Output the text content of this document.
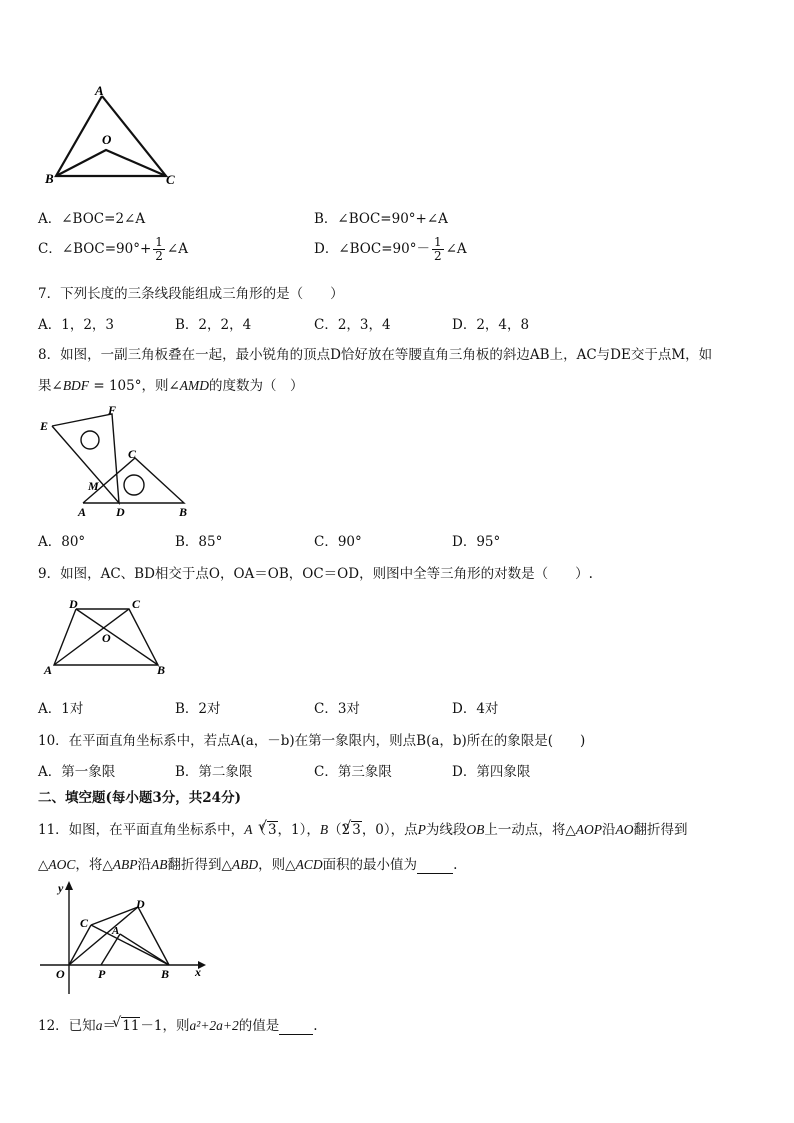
A
O
B	C
A．∠BOC=2∠A	B．∠BOC=90°+∠A
C．∠BOC=90°+ $\frac{1}{2}$ ∠A	D．∠BOC=90°－ $\frac{1}{2}$ ∠A
7．下列长度的三条线段能组成三角形的是（　　）
A．1，2，3	B．2，2，4	C．2，3，4	D．2，4，8
8．如图，一副三角板叠在一起，最小锐角的顶点D恰好放在等腰直角三角板的斜边AB上，AC与DE交于点M，如
果∠BDF = 105°，则∠AMD的度数为（　）
E
F
C
M
A D	B
A．80°	B．85°	C．90°	D．95°
9．如图，AC、BD相交于点O，OA＝OB，OC＝OD，则图中全等三角形的对数是（　　）.
D	C
O
A	B
A．1对	B．2对	C．3对	D．4对
10．在平面直角坐标系中，若点A(a，－b)在第一象限内，则点B(a，b)所在的象限是(　　)
A．第一象限	B．第二象限	C．第三象限	D．第四象限
二、填空题(每小题3分，共24分)
11．如图，在平面直角坐标系中，A（ √ 3，1），B（2 √ 3，0），点P为线段OB上一动点，将△AOP沿AO翻折得到
△AOC，将△ABP沿AB翻折得到△ABD，则△ACD面积的最小值为	.
y
x
O	P	B
C
A
D
12．已知a＝ √ 11－1，则a²+2a+2的值是	.
